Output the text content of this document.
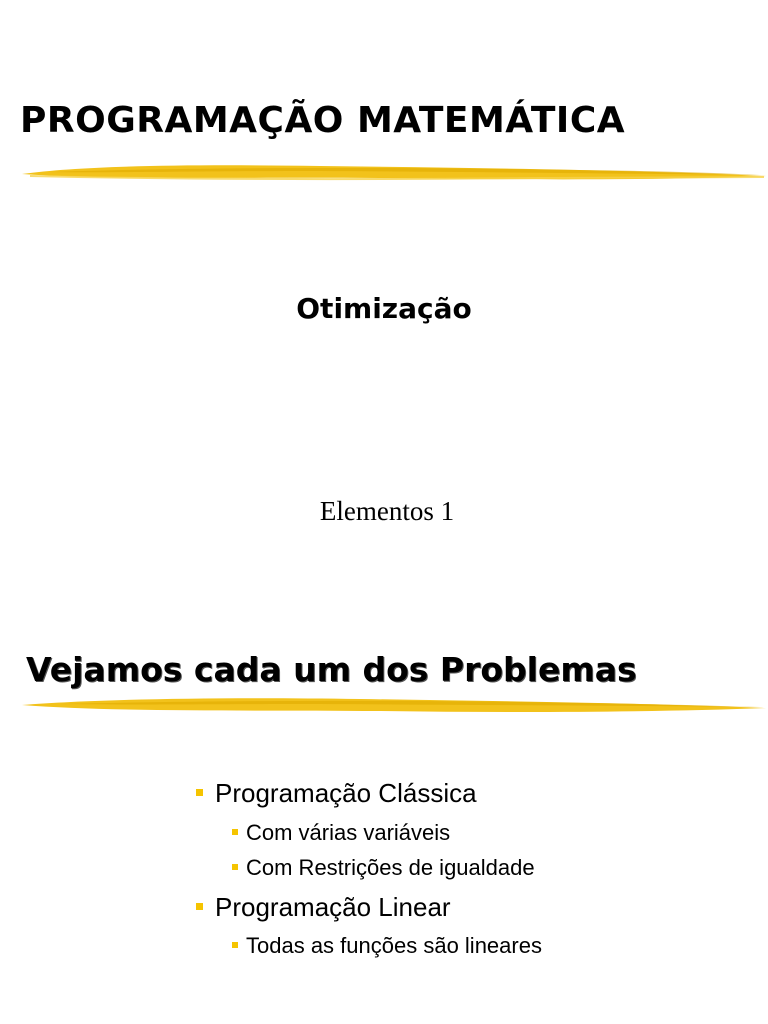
PROGRAMAÇÃO MATEMÁTICA
Otimização
Elementos 1
Vejamos cada um dos Problemas
Programação Clássica
Com várias variáveis
Com Restrições de igualdade
Programação Linear
Todas as funções são lineares
